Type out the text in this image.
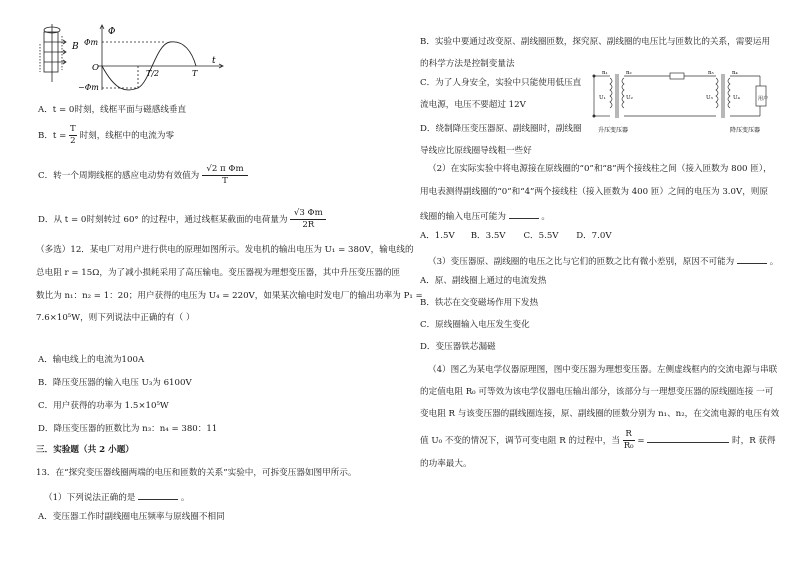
B
Φ
Φm
O
−Φm
t
T/2	T
A．t = 0时刻，线框平面与磁感线垂直
B．$t = \frac{T}{2}$ 时刻，线框中的电流为零
C．转一个周期线框的感应电动势有效值为 $\frac{\text{√2 π Φm}}{T}$
D．从 t = 0时刻转过 60° 的过程中，通过线框某截面的电荷量为 $\frac{√3 \Phi m}{2R}$
（多选）12．某电厂对用户进行供电的原理如图所示。发电机的输出电压为 U₁ = 380V，输电线的
总电阻 r = 15Ω，为了减小损耗采用了高压输电。变压器视为理想变压器，其中升压变压器的匝
数比为 n₁：n₂ = 1：20；用户获得的电压为 U₄ = 220V，如果某次输电时发电厂的输出功率为 P₁ =
7.6×10⁵W，则下列说法中正确的有（ ）
A．输电线上的电流为100A
B．降压变压器的输入电压 U₃为 6100V
C．用户获得的功率为 1.5×10⁵W
D．降压变压器的匝数比为 n₃：n₄ = 380：11
三．实验题（共 2 小题）
13．在“探究变压器线圈两端的电压和匝数的关系”实验中，可拆变压器如图甲所示。
（1）下列说法正确的是	。
A．变压器工作时副线圈电压频率与原线圈不相同
B．实验中要通过改变原、副线圈匝数，探究原、副线圈的电压比与匝数比的关系，需要运用
的科学方法是控制变量法
C．为了人身安全，实验中只能使用低压直
流电源，电压不要超过 12V
D．绕制降压变压器原、副线圈时，副线圈
导线应比原线圈导线粗一些好
n₁	n₂
U₁	U₂
n₃	n₄
U₃	U₄	用户
升压变压器	降压变压器
（2）在实际实验中将电源接在原线圈的“0”和“8”两个接线柱之间（接入匝数为 800 匝），
用电表测得副线圈的“0”和“4”两个接线柱（接入匝数为 400 匝）之间的电压为 3.0V，则原
线圈的输入电压可能为	。
A．1.5V B．3.5V C．5.5V D．7.0V
（3）变压器原、副线圈的电压之比与它们的匝数之比有微小差别，原因不可能为	。
A．原、副线圈上通过的电流发热
B．铁芯在交变磁场作用下发热
C．原线圈输入电压发生变化
D．变压器铁芯漏磁
（4）图乙为某电学仪器原理图，图中变压器为理想变压器。左侧虚线框内的交流电源与串联
的定值电阻 R₀ 可等效为该电学仪器电压输出部分，该部分与一理想变压器的原线圈连接 一可
变电阻 R 与该变压器的副线圈连接，原、副线圈的匝数分别为 n₁、n₂，在交流电源的电压有效
值 U₀ 不变的情况下，调节可变电阻 R 的过程中，当 $\frac{R}{\text{R₀}}$ =	时，R 获得
的功率最大。
